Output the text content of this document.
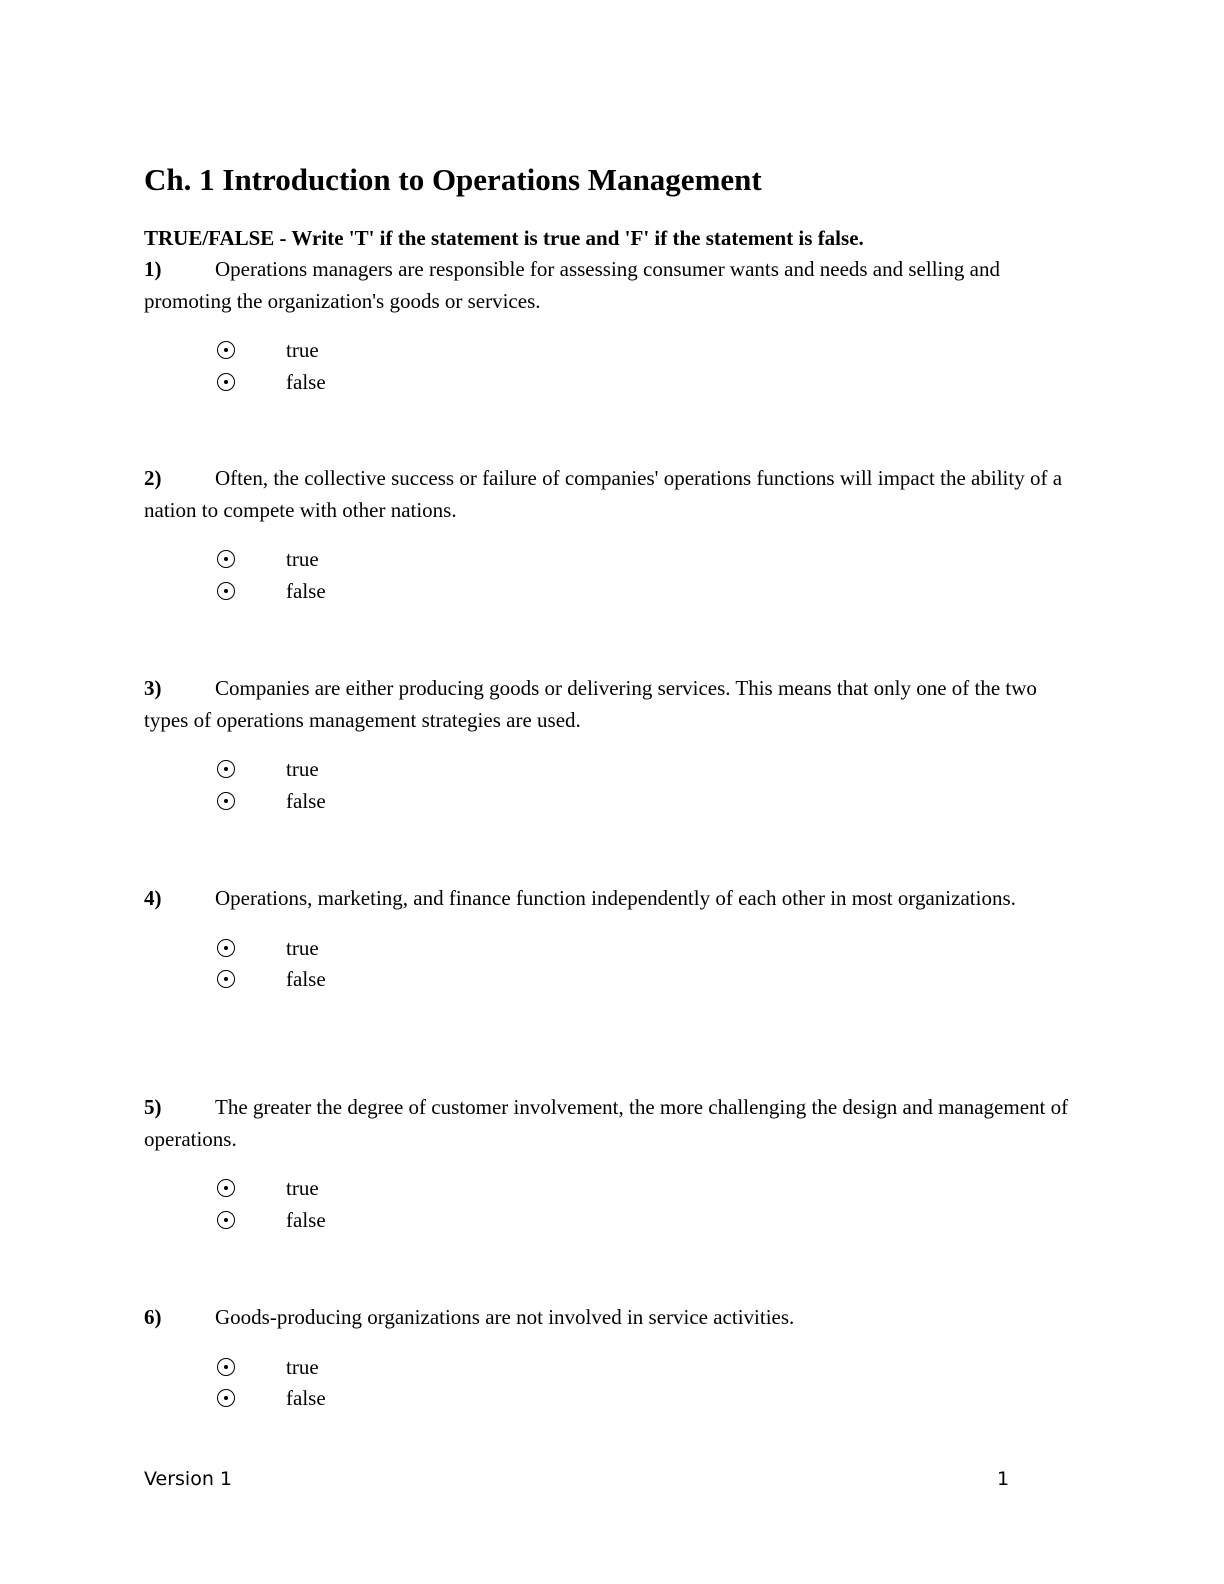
Ch. 1 Introduction to Operations Management
TRUE/FALSE - Write 'T' if the statement is true and 'F' if the statement is false.

1)	Operations managers are responsible for assessing consumer wants and needs and selling and promoting the organization's goods or services.

true
false

2)	Often, the collective success or failure of companies' operations functions will impact the ability of a nation to compete with other nations.

true
false

3)	Companies are either producing goods or delivering services. This means that only one of the two types of operations management strategies are used.

true
false

4)	Operations, marketing, and finance function independently of each other in most organizations.

true
false

5)	The greater the degree of customer involvement, the more challenging the design and management of operations.

true
false

6)	Goods-producing organizations are not involved in service activities.

true
false
Version 1	1
